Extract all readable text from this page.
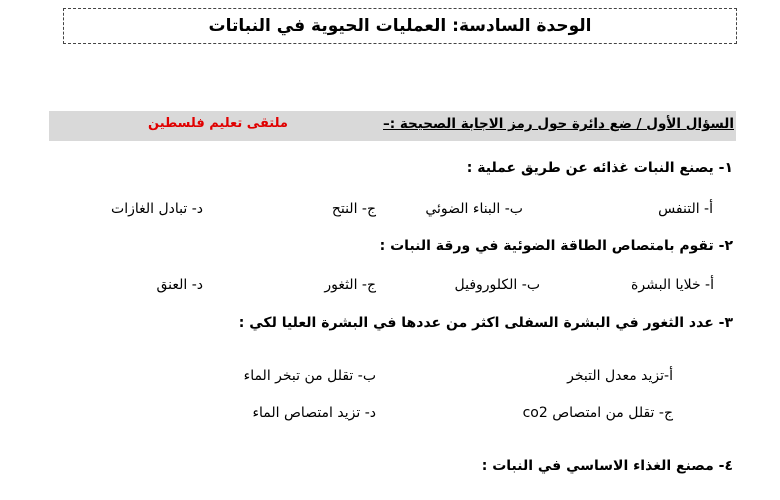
الوحدة السادسة: العمليات الحيوية في النباتات
السؤال الأول / ضع دائرة حول رمز الاجابة الصحيحة :–
ملتقى تعليم فلسطين
١- يصنع النبات غذائه عن طريق عملية :
أ- التنفس
ب- البناء الضوئي
ج- النتح
د- تبادل الغازات
٢- تقوم بامتصاص الطاقة الضوئية في ورقة النبات :
أ- خلايا البشرة
ب- الكلوروفيل
ج- الثغور
د- العنق
٣- عدد الثغور في البشرة السفلى اكثر من عددها في البشرة العليا لكي :
أ-تزيد معدل التبخر
ب- تقلل من تبخر الماء
ج- تقلل من امتصاص co2
د- تزيد امتصاص الماء
٤- مصنع الغذاء الاساسي في النبات :
